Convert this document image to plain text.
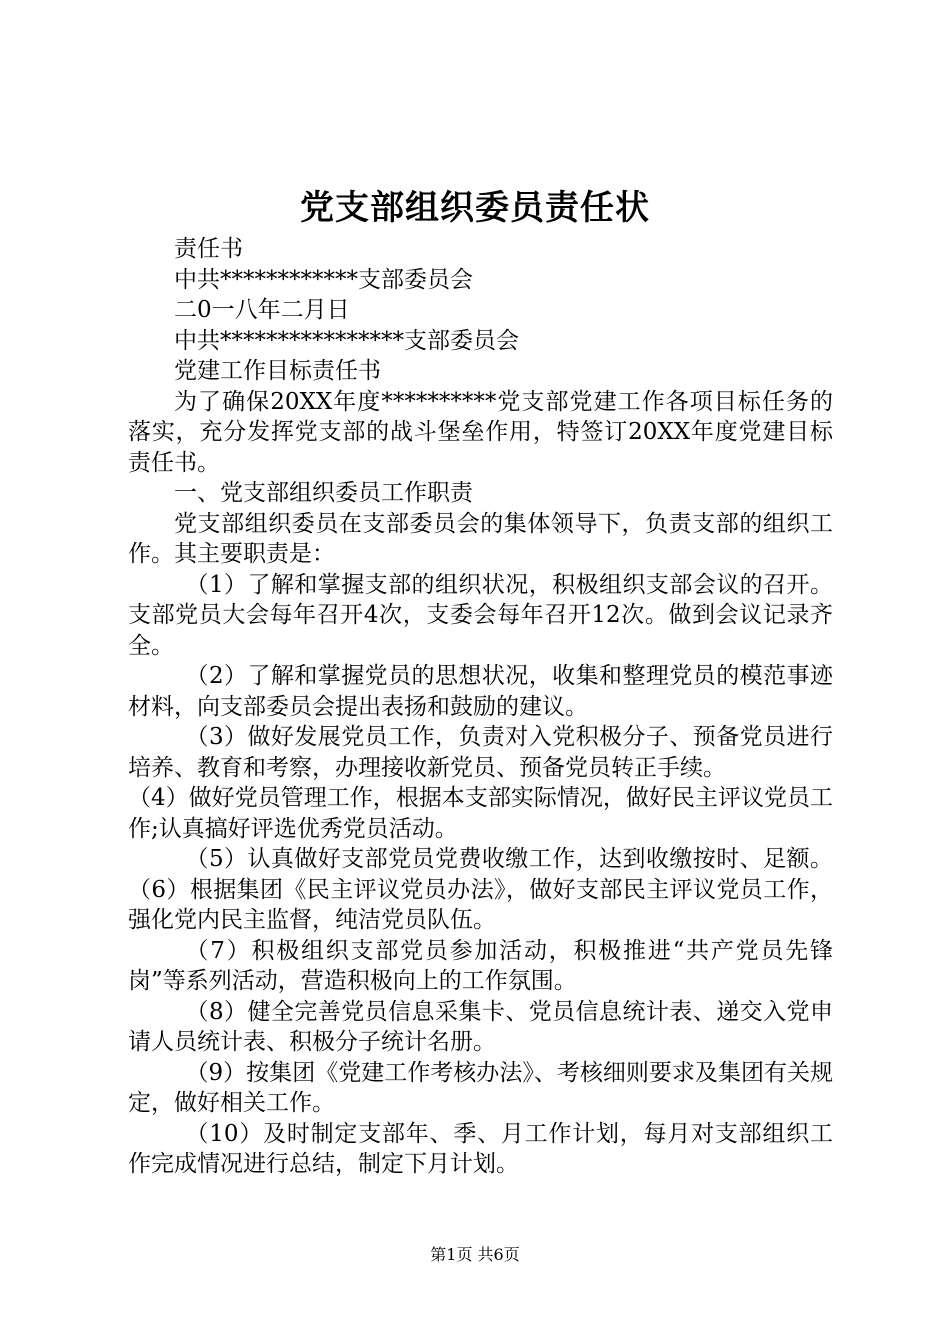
党支部组织委员责任状

责任书

中共************支部委员会

二0一八年二月日

中共****************支部委员会

党建工作目标责任书

为了确保20XX年度**********党支部党建工作各项目标任务的落实，充分发挥党支部的战斗堡垒作用，特签订20XX年度党建目标责任书。

一、党支部组织委员工作职责

党支部组织委员在支部委员会的集体领导下，负责支部的组织工作。其主要职责是：

（1）了解和掌握支部的组织状况，积极组织支部会议的召开。支部党员大会每年召开4次，支委会每年召开12次。做到会议记录齐全。

（2）了解和掌握党员的思想状况，收集和整理党员的模范事迹材料，向支部委员会提出表扬和鼓励的建议。

（3）做好发展党员工作，负责对入党积极分子、预备党员进行培养、教育和考察，办理接收新党员、预备党员转正手续。

（4）做好党员管理工作，根据本支部实际情况，做好民主评议党员工作;认真搞好评选优秀党员活动。

（5）认真做好支部党员党费收缴工作，达到收缴按时、足额。（6）根据集团《民主评议党员办法》，做好支部民主评议党员工作，强化党内民主监督，纯洁党员队伍。

（7）积极组织支部党员参加活动，积极推进“共产党员先锋岗”等系列活动，营造积极向上的工作氛围。

（8）健全完善党员信息采集卡、党员信息统计表、递交入党申请人员统计表、积极分子统计名册。

（9）按集团《党建工作考核办法》、考核细则要求及集团有关规定，做好相关工作。

（10）及时制定支部年、季、月工作计划，每月对支部组织工作完成情况进行总结，制定下月计划。

第1页 共6页
